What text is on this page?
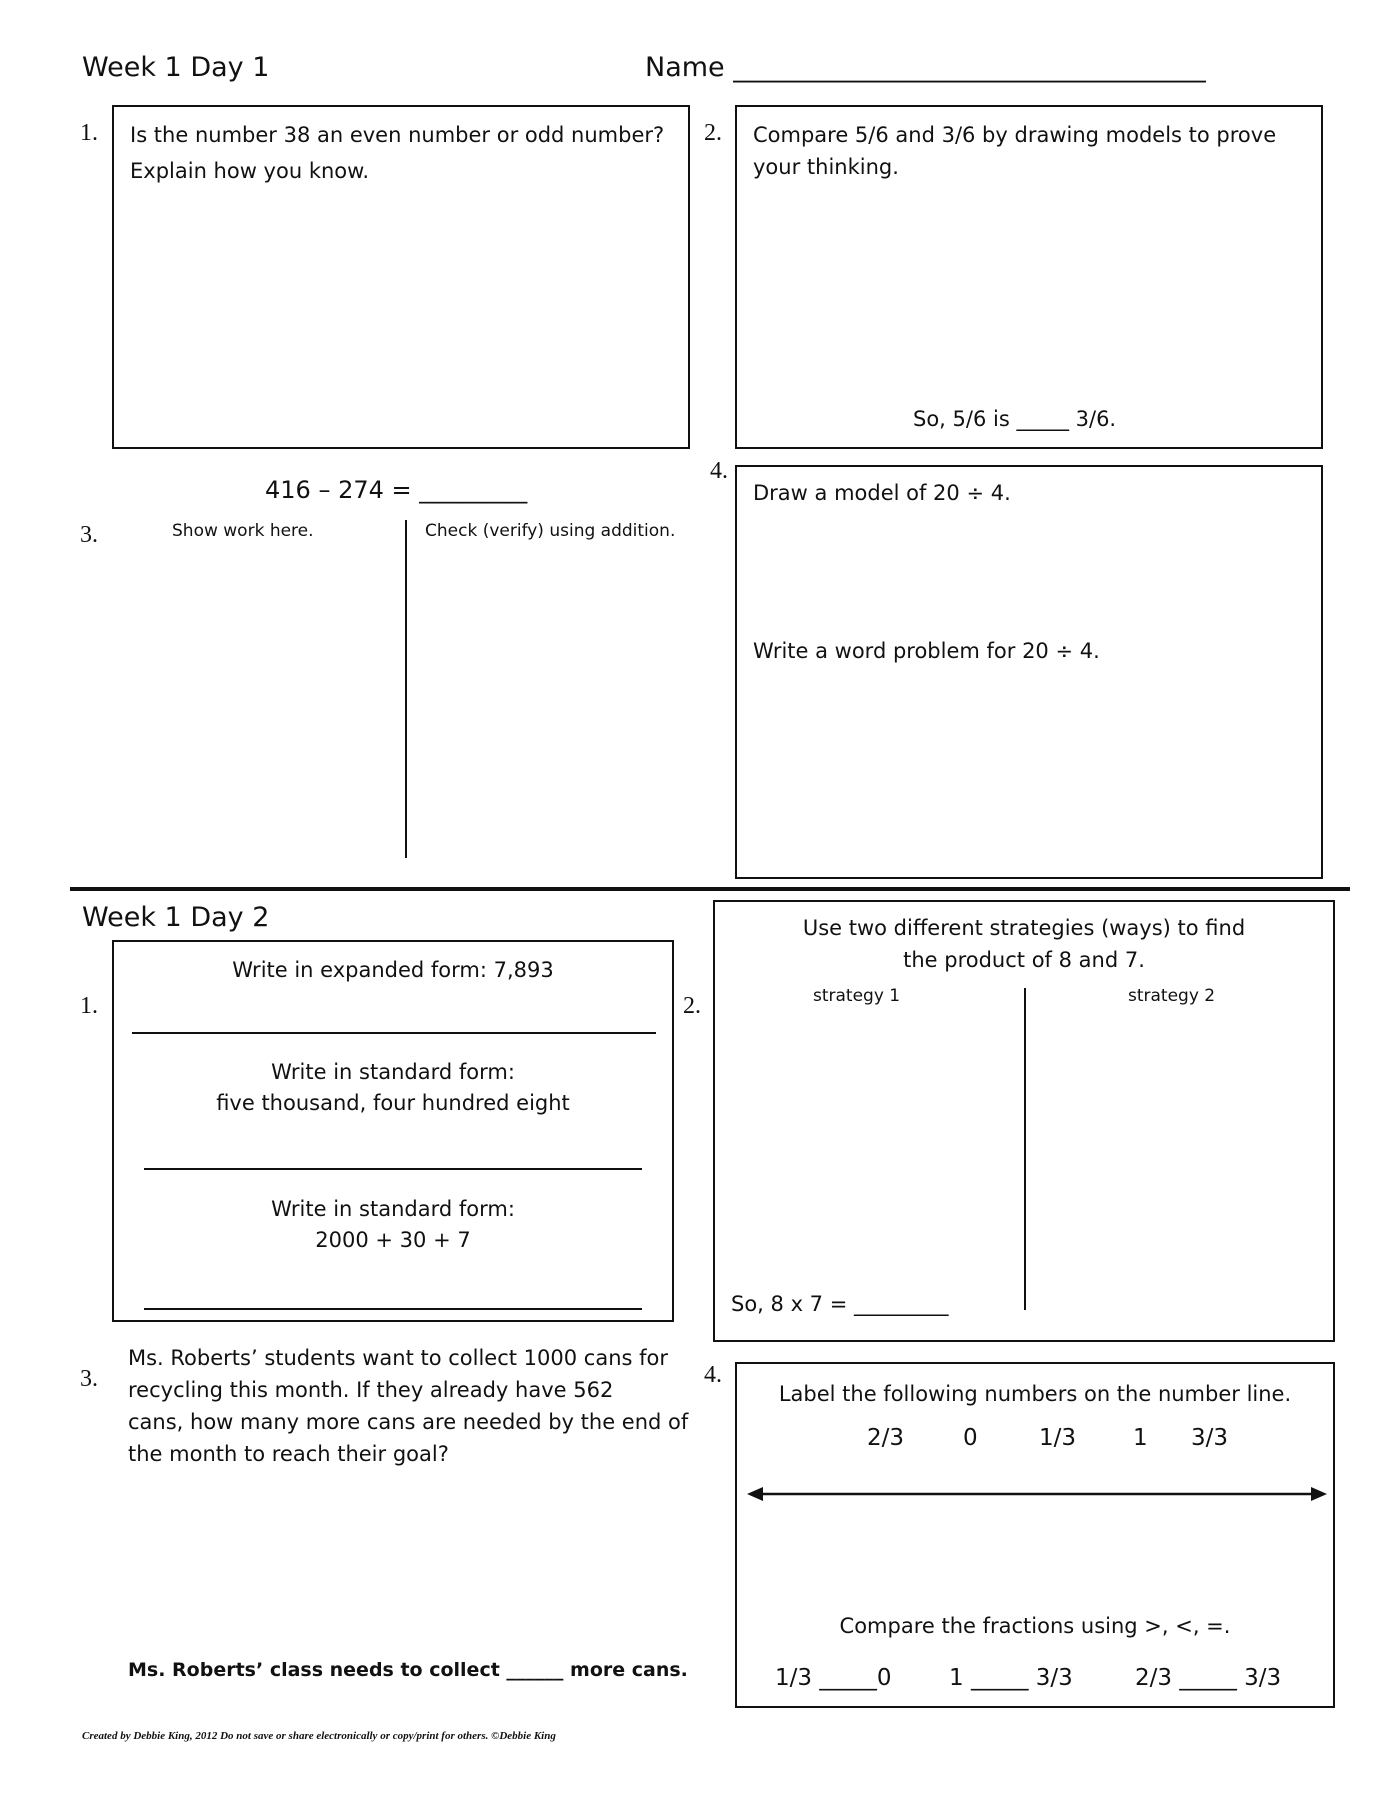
Week 1 Day 1	Name ___________________________________
1. Is the number 38 an even number or odd number?
Explain how you know.
2. Compare 5/6 and 3/6 by drawing models to prove
your thinking.
So, 5/6 is _____ 3/6.
416 – 274 = _________
3.	Show work here.	Check (verify) using addition.
4.
Draw a model of 20 ÷ 4.
Write a word problem for 20 ÷ 4.
Week 1 Day 2
1.
Write in expanded form: 7,893
Write in standard form:
five thousand, four hundred eight
Write in standard form:
2000 + 30 + 7
2.
Use two different strategies (ways) to find
the product of 8 and 7.
strategy 1	strategy 2
So, 8 x 7 = _________
3.
Ms. Roberts’ students want to collect 1000 cans for
recycling this month. If they already have 562
cans, how many more cans are needed by the end of
the month to reach their goal?
Ms. Roberts’ class needs to collect ______ more cans.
4.
Label the following numbers on the number line.
2/3	0	1/3 1 3/3
Compare the fractions using >, <, =.
1/3 _____0	1 _____ 3/3	2/3 _____ 3/3
Created by Debbie King, 2012 Do not save or share electronically or copy/print for others. ©Debbie King
